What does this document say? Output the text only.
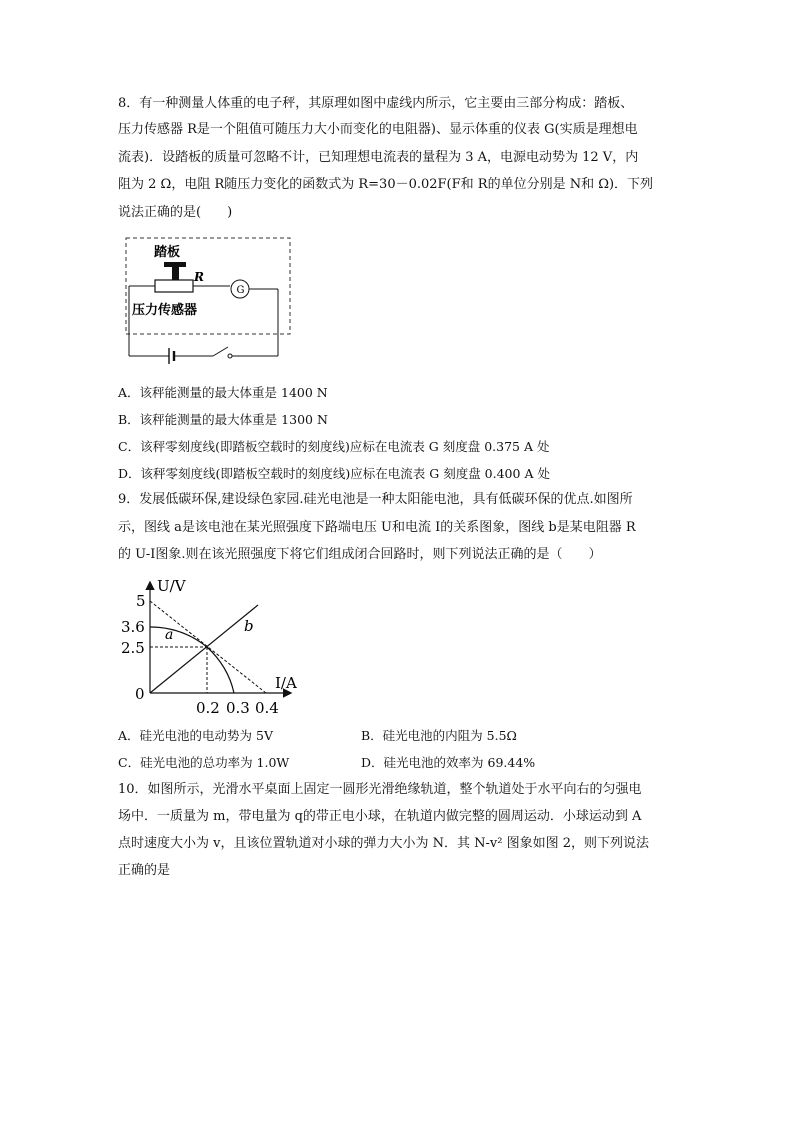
8．有一种测量人体重的电子秤，其原理如图中虚线内所示，它主要由三部分构成：踏板、
压力传感器 R是一个阻值可随压力大小而变化的电阻器)、显示体重的仪表 G(实质是理想电
流表)．设踏板的质量可忽略不计，已知理想电流表的量程为 3 A，电源电动势为 12 V，内
阻为 2 Ω，电阻 R随压力变化的函数式为 R=30－0.02F(F和 R的单位分别是 N和 Ω)．下列
说法正确的是(　　)
踏板
R
G
压力传感器
A．该秤能测量的最大体重是 1400 N
B．该秤能测量的最大体重是 1300 N
C．该秤零刻度线(即踏板空载时的刻度线)应标在电流表 G 刻度盘 0.375 A 处
D．该秤零刻度线(即踏板空载时的刻度线)应标在电流表 G 刻度盘 0.400 A 处
9．发展低碳环保,建设绿色家园.硅光电池是一种太阳能电池，具有低碳环保的优点.如图所
示，图线 a是该电池在某光照强度下路端电压 U和电流 I的关系图象，图线 b是某电阻器 R
的 U-I图象.则在该光照强度下将它们组成闭合回路时，则下列说法正确的是（　　）
U/V
I/A
0
5
3.6
2.5
0.2 0.3 0.4
a	b
A．硅光电池的电动势为 5V	B．硅光电池的内阻为 5.5Ω
C．硅光电池的总功率为 1.0W	D．硅光电池的效率为 69.44%
10．如图所示，光滑水平桌面上固定一圆形光滑绝缘轨道，整个轨道处于水平向右的匀强电
场中．一质量为 m，带电量为 q的带正电小球，在轨道内做完整的圆周运动．小球运动到 A
点时速度大小为 v，且该位置轨道对小球的弹力大小为 N．其 N-v² 图象如图 2，则下列说法
正确的是
